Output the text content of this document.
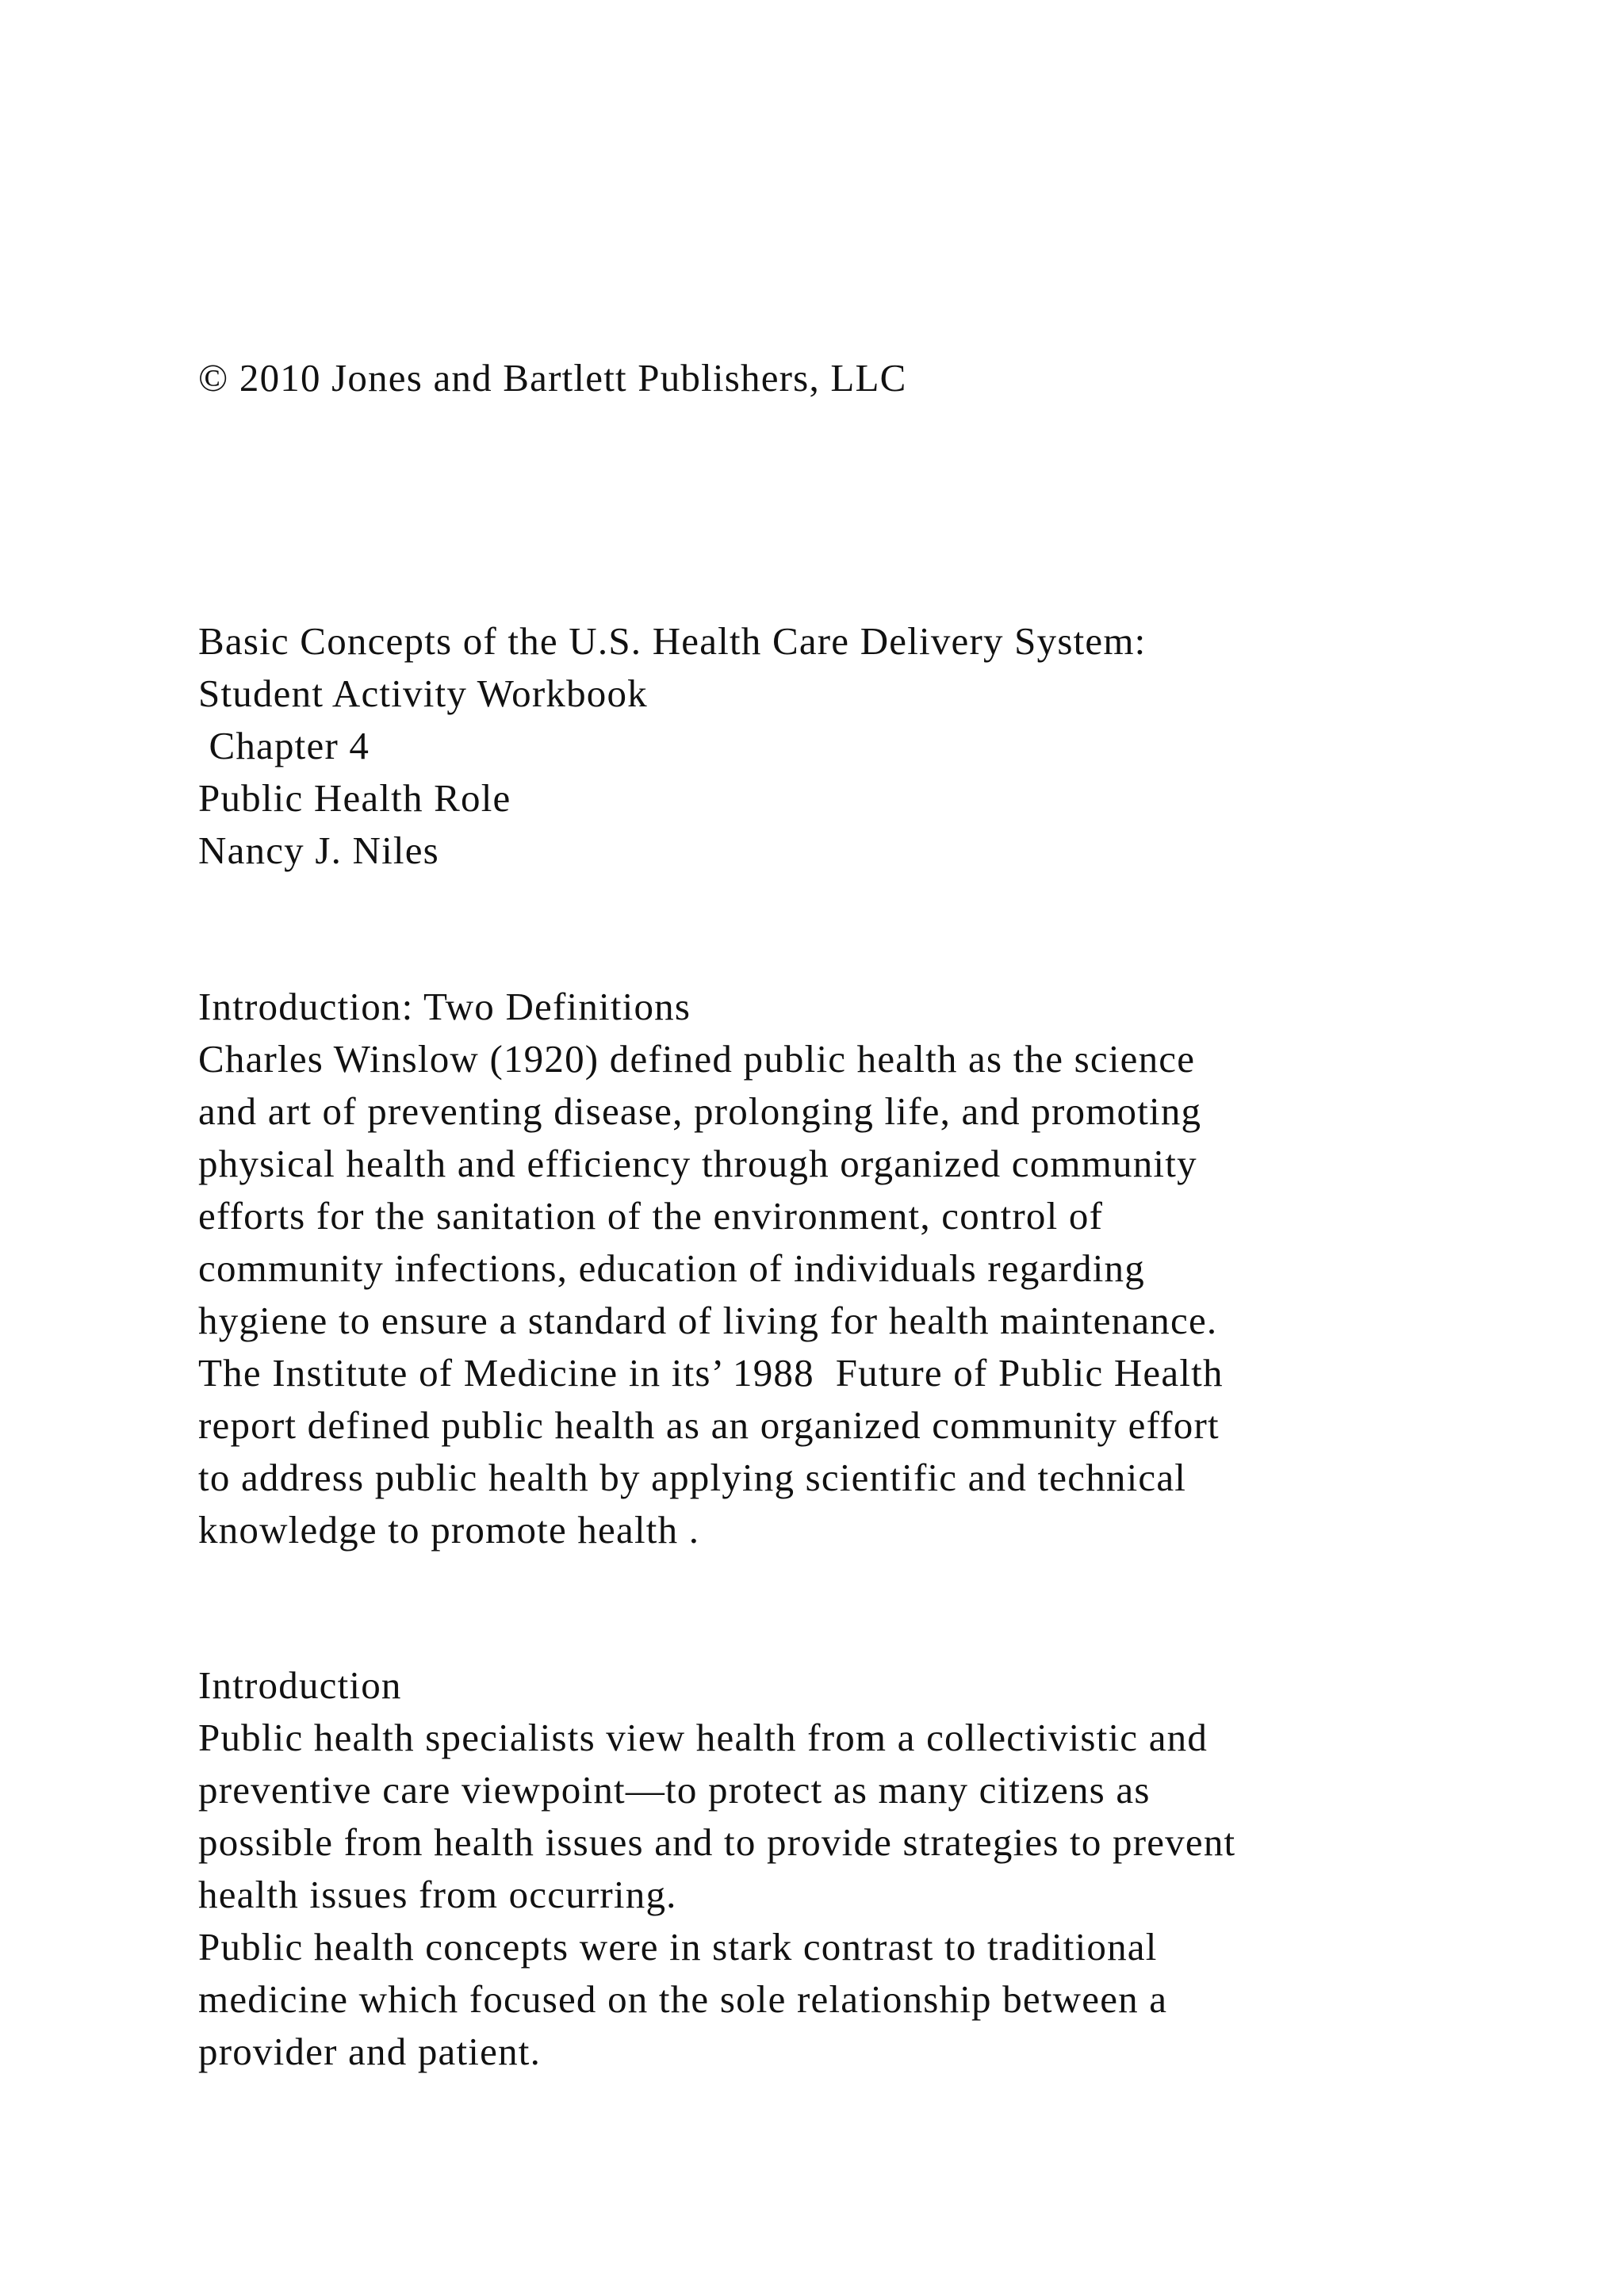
© 2010 Jones and Bartlett Publishers, LLC
Basic Concepts of the U.S. Health Care Delivery System:
Student Activity Workbook
Chapter 4
Public Health Role
Nancy J. Niles
Introduction: Two Definitions
Charles Winslow (1920) defined public health as the science
and art of preventing disease, prolonging life, and promoting
physical health and efficiency through organized community
efforts for the sanitation of the environment, control of
community infections, education of individuals regarding
hygiene to ensure a standard of living for health maintenance.
The Institute of Medicine in its’ 1988  Future of Public Health
report defined public health as an organized community effort
to address public health by applying scientific and technical
knowledge to promote health .
Introduction
Public health specialists view health from a collectivistic and
preventive care viewpoint—to protect as many citizens as
possible from health issues and to provide strategies to prevent
health issues from occurring.
Public health concepts were in stark contrast to traditional
medicine which focused on the sole relationship between a
provider and patient.
